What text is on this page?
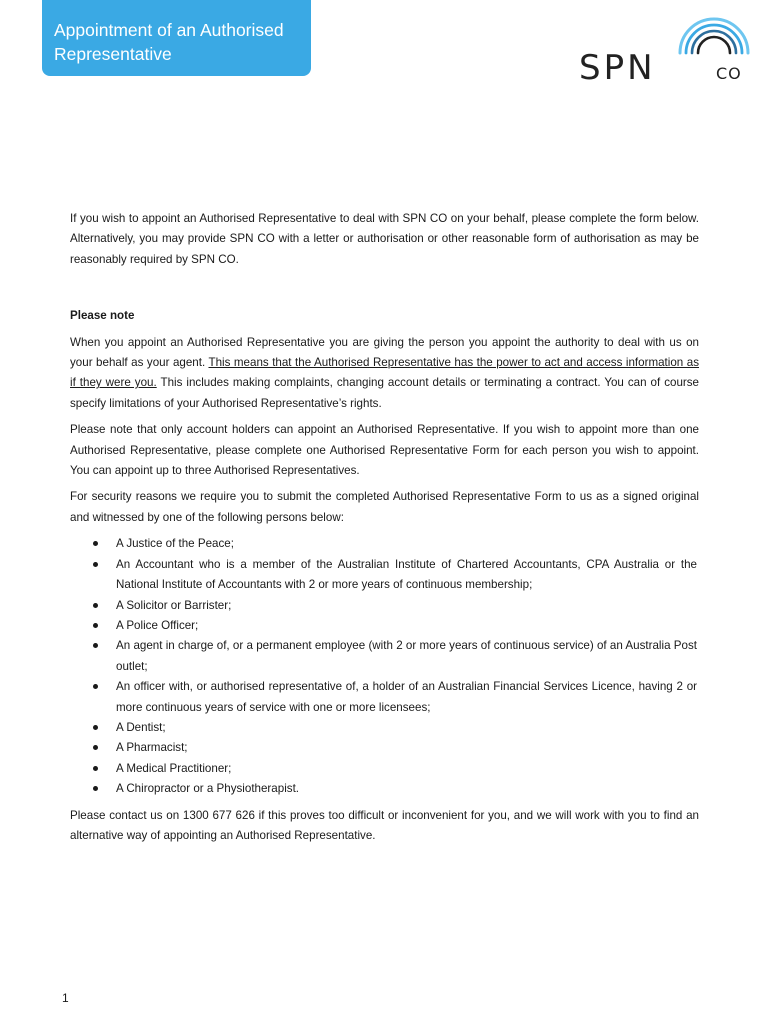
Appointment of an Authorised
Representative	SPN	CO

If you wish to appoint an Authorised Representative to deal with SPN CO on your behalf, please complete the form below. Alternatively, you may provide SPN CO with a letter or authorisation or other reasonable form of authorisation as may be reasonably required by SPN CO.

Please note

When you appoint an Authorised Representative you are giving the person you appoint the authority to deal with us on your behalf as your agent. This means that the Authorised Representative has the power to act and access information as if they were you. This includes making complaints, changing account details or terminating a contract. You can of course specify limitations of your Authorised Representative’s rights.

Please note that only account holders can appoint an Authorised Representative. If you wish to appoint more than one Authorised Representative, please complete one Authorised Representative Form for each person you wish to appoint. You can appoint up to three Authorised Representatives.

For security reasons we require you to submit the completed Authorised Representative Form to us as a signed original and witnessed by one of the following persons below:

A Justice of the Peace;
An Accountant who is a member of the Australian Institute of Chartered Accountants, CPA Australia or the National Institute of Accountants with 2 or more years of continuous membership;
A Solicitor or Barrister;
A Police Officer;
An agent in charge of, or a permanent employee (with 2 or more years of continuous service) of an Australia Post outlet;
An officer with, or authorised representative of, a holder of an Australian Financial Services Licence, having 2 or more continuous years of service with one or more licensees;
A Dentist;
A Pharmacist;
A Medical Practitioner;
A Chiropractor or a Physiotherapist.

Please contact us on 1300 677 626 if this proves too difficult or inconvenient for you, and we will work with you to find an alternative way of appointing an Authorised Representative.

1
